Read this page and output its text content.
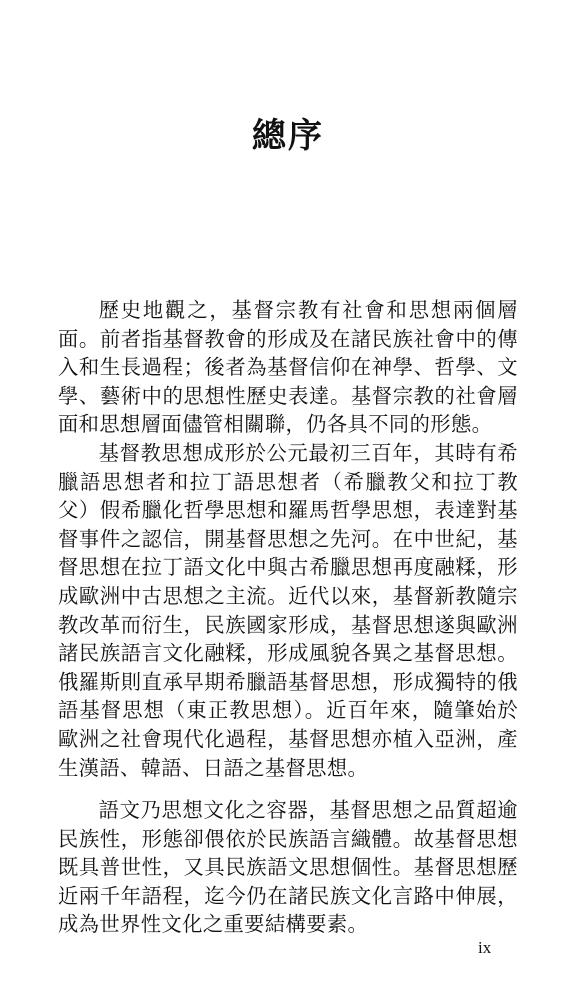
總序

歷史地觀之，基督宗教有社會和思想兩個層面。前者指基督教會的形成及在諸民族社會中的傳入和生長過程；後者為基督信仰在神學、哲學、文學、藝術中的思想性歷史表達。基督宗教的社會層面和思想層面儘管相關聯，仍各具不同的形態。

基督教思想成形於公元最初三百年，其時有希臘語思想者和拉丁語思想者（希臘教父和拉丁教父）假希臘化哲學思想和羅馬哲學思想，表達對基督事件之認信，開基督思想之先河。在中世紀，基督思想在拉丁語文化中與古希臘思想再度融糅，形成歐洲中古思想之主流。近代以來，基督新教隨宗教改革而衍生，民族國家形成，基督思想遂與歐洲諸民族語言文化融糅，形成風貌各異之基督思想。俄羅斯則直承早期希臘語基督思想，形成獨特的俄語基督思想（東正教思想）。近百年來，隨肇始於歐洲之社會現代化過程，基督思想亦植入亞洲，產生漢語、韓語、日語之基督思想。

語文乃思想文化之容器，基督思想之品質超逾民族性，形態卻偎依於民族語言織體。故基督思想既具普世性，又具民族語文思想個性。基督思想歷近兩千年語程，迄今仍在諸民族文化言路中伸展，成為世界性文化之重要結構要素。

ix
